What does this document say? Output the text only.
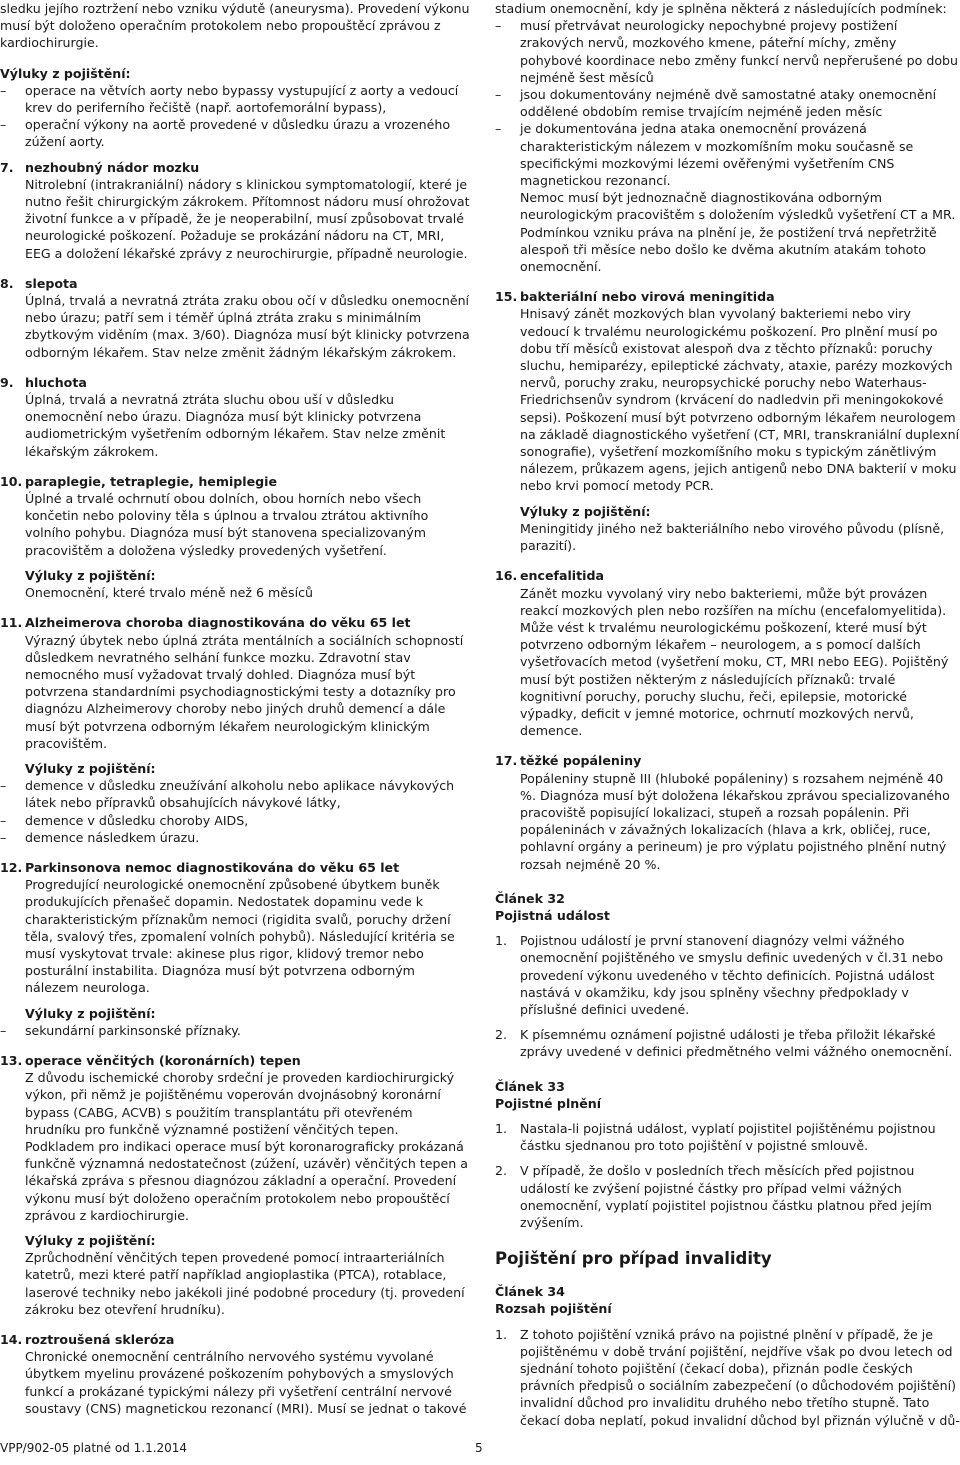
sledku jejího roztržení nebo vzniku výdutě (aneurysma). Provedení výkonu musí být doloženo operačním protokolem nebo propouštěcí zprávou z kardiochirurgie.

Výluky z pojištění:

– operace na větvích aorty nebo bypassy vystupující z aorty a vedoucí krev do periferního řečiště (např. aortofemorální bypass),
– operační výkony na aortě provedené v důsledku úrazu a vrozeného zúžení aorty.
7. nezhoubný nádor mozku

Nitrolební (intrakraniální) nádory s klinickou symptomatologií, které je nutno řešit chirurgickým zákrokem. Přítomnost nádoru musí ohrožovat životní funkce a v případě, že je neoperabilní, musí způsobovat trvalé neurologické poškození. Požaduje se prokázání nádoru na CT, MRI, EEG a doložení lékařské zprávy z neurochirurgie, případně neurologie.

8. slepota

Úplná, trvalá a nevratná ztráta zraku obou očí v důsledku onemocnění nebo úrazu; patří sem i téměř úplná ztráta zraku s minimálním zbytkovým viděním (max. 3/60). Diagnóza musí být klinicky potvrzena odborným lékařem. Stav nelze změnit žádným lékařským zákrokem.

9. hluchota

Úplná, trvalá a nevratná ztráta sluchu obou uší v důsledku onemocnění nebo úrazu. Diagnóza musí být klinicky potvrzena audiometrickým vyšetřením odborným lékařem. Stav nelze změnit lékařským zákrokem.

10. paraplegie, tetraplegie, hemiplegie

Úplné a trvalé ochrnutí obou dolních, obou horních nebo všech končetin nebo poloviny těla s úplnou a trvalou ztrátou aktivního volního pohybu. Diagnóza musí být stanovena specializovaným pracovištěm a doložena výsledky provedených vyšetření.

Výluky z pojištění:

Onemocnění, které trvalo méně než 6 měsíců

11. Alzheimerova choroba diagnostikována do věku 65 let

Výrazný úbytek nebo úplná ztráta mentálních a sociálních schopností důsledkem nevratného selhání funkce mozku. Zdravotní stav nemocného musí vyžadovat trvalý dohled. Diagnóza musí být potvrzena standardními psychodiagnostickými testy a dotazníky pro diagnózu Alzheimerovy choroby nebo jiných druhů demencí a dále musí být potvrzena odborným lékařem neurologickým klinickým pracovištěm.

Výluky z pojištění:

– demence v důsledku zneužívání alkoholu nebo aplikace návykových látek nebo přípravků obsahujících návykové látky,
– demence v důsledku choroby AIDS,
– demence následkem úrazu.
12. Parkinsonova nemoc diagnostikována do věku 65 let

Progredující neurologické onemocnění způsobené úbytkem buněk produkujících přenašeč dopamin. Nedostatek dopaminu vede k charakteristickým příznakům nemoci (rigidita svalů, poruchy držení těla, svalový třes, zpomalení volních pohybů). Následující kritéria se musí vyskytovat trvale: akinese plus rigor, klidový tremor nebo posturální instabilita. Diagnóza musí být potvrzena odborným nálezem neurologa.

Výluky z pojištění:

– sekundární parkinsonské příznaky.
13. operace věnčitých (koronárních) tepen

Z důvodu ischemické choroby srdeční je proveden kardiochirurgický výkon, při němž je pojištěnému voperován dvojnásobný koronární bypass (CABG, ACVB) s použitím transplantátu při otevřeném hrudníku pro funkčně významné postižení věnčitých tepen. Podkladem pro indikaci operace musí být koronarograficky prokázaná funkčně významná nedostatečnost (zúžení, uzávěr) věnčitých tepen a lékařská zpráva s přesnou diagnózou základní a operační. Provedení výkonu musí být doloženo operačním protokolem nebo propouštěcí zprávou z kardiochirurgie.

Výluky z pojištění:

Zprůchodnění věnčitých tepen provedené pomocí intraarteriálních katetrů, mezi které patří například angioplastika (PTCA), rotablace, laserové techniky nebo jakékoli jiné podobné procedury (tj. provedení zákroku bez otevření hrudníku).

14. roztroušená skleróza

Chronické onemocnění centrálního nervového systému vyvolané úbytkem myelinu provázené poškozením pohybových a smyslových funkcí a prokázané typickými nálezy při vyšetření centrální nervové soustavy (CNS) magnetickou rezonancí (MRI). Musí se jednat o takové

stadium onemocnění, kdy je splněna některá z následujících podmínek:

– musí přetrvávat neurologicky nepochybné projevy postižení zrakových nervů, mozkového kmene, páteřní míchy, změny pohybové koordinace nebo změny funkcí nervů nepřerušené po dobu nejméně šest měsíců
– jsou dokumentovány nejméně dvě samostatné ataky onemocnění oddělené obdobím remise trvajícím nejméně jeden měsíc
– je dokumentována jedna ataka onemocnění provázená charakteristickým nálezem v mozkomíšním moku současně se specifickými mozkovými lézemi ověřenými vyšetřením CNS magnetickou rezonancí.

Nemoc musí být jednoznačně diagnostikována odborným neurologickým pracovištěm s doložením výsledků vyšetření CT a MR. Podmínkou vzniku práva na plnění je, že postižení trvá nepřetržitě alespoň tři měsíce nebo došlo ke dvěma akutním atakám tohoto onemocnění.

15. bakteriální nebo virová meningitida

Hnisavý zánět mozkových blan vyvolaný bakteriemi nebo viry vedoucí k trvalému neurologickému poškození. Pro plnění musí po dobu tří měsíců existovat alespoň dva z těchto příznaků: poruchy sluchu, hemiparézy, epileptické záchvaty, ataxie, parézy mozkových nervů, poruchy zraku, neuropsychické poruchy nebo Waterhaus-Friedrichsenův syndrom (krvácení do nadledvin při meningokokové sepsi). Poškození musí být potvrzeno odborným lékařem neurologem na základě diagnostického vyšetření (CT, MRI, transkraniální duplexní sonografie), vyšetření mozkomíšního moku s typickým zánětlivým nálezem, průkazem agens, jejich antigenů nebo DNA bakterií v moku nebo krvi pomocí metody PCR.

Výluky z pojištění:

Meningitidy jiného než bakteriálního nebo virového původu (plísně, parazití).

16. encefalitida

Zánět mozku vyvolaný viry nebo bakteriemi, může být provázen reakcí mozkových plen nebo rozšířen na míchu (encefalomyelitida). Může vést k trvalému neurologickému poškození, které musí být potvrzeno odborným lékařem – neurologem, a s pomocí dalších vyšetřovacích metod (vyšetření moku, CT, MRI nebo EEG). Pojištěný musí být postižen některým z následujících příznaků: trvalé kognitivní poruchy, poruchy sluchu, řeči, epilepsie, motorické výpadky, deficit v jemné motorice, ochrnutí mozkových nervů, demence.

17. těžké popáleniny

Popáleniny stupně III (hluboké popáleniny) s rozsahem nejméně 40 %. Diagnóza musí být doložena lékařskou zprávou specializovaného pracoviště popisující lokalizaci, stupeň a rozsah popálenin. Při popáleninách v závažných lokalizacích (hlava a krk, obličej, ruce, pohlavní orgány a perineum) je pro výplatu pojistného plnění nutný rozsah nejméně 20 %.

Článek 32

Pojistná událost

1. Pojistnou událostí je první stanovení diagnózy velmi vážného onemocnění pojištěného ve smyslu definic uvedených v čl.31 nebo provedení výkonu uvedeného v těchto definicích. Pojistná událost nastává v okamžiku, kdy jsou splněny všechny předpoklady v příslušné definici uvedené.

2. K písemnému oznámení pojistné události je třeba přiložit lékařské zprávy uvedené v definici předmětného velmi vážného onemocnění.

Článek 33

Pojistné plnění

1. Nastala-li pojistná událost, vyplatí pojistitel pojištěnému pojistnou částku sjednanou pro toto pojištění v pojistné smlouvě.

2. V případě, že došlo v posledních třech měsících před pojistnou událostí ke zvýšení pojistné částky pro případ velmi vážných onemocnění, vyplatí pojistitel pojistnou částku platnou před jejím zvýšením.

Pojištění pro případ invalidity

Článek 34

Rozsah pojištění

1. Z tohoto pojištění vzniká právo na pojistné plnění v případě, že je pojištěnému v době trvání pojištění, nejdříve však po dvou letech od sjednání tohoto pojištění (čekací doba), přiznán podle českých právních předpisů o sociálním zabezpečení (o důchodovém pojištění) invalidní důchod pro invaliditu druhého nebo třetího stupně. Tato čekací doba neplatí, pokud invalidní důchod byl přiznán výlučně v dů-

VPP/902-05 platné od 1.1.2014	5
